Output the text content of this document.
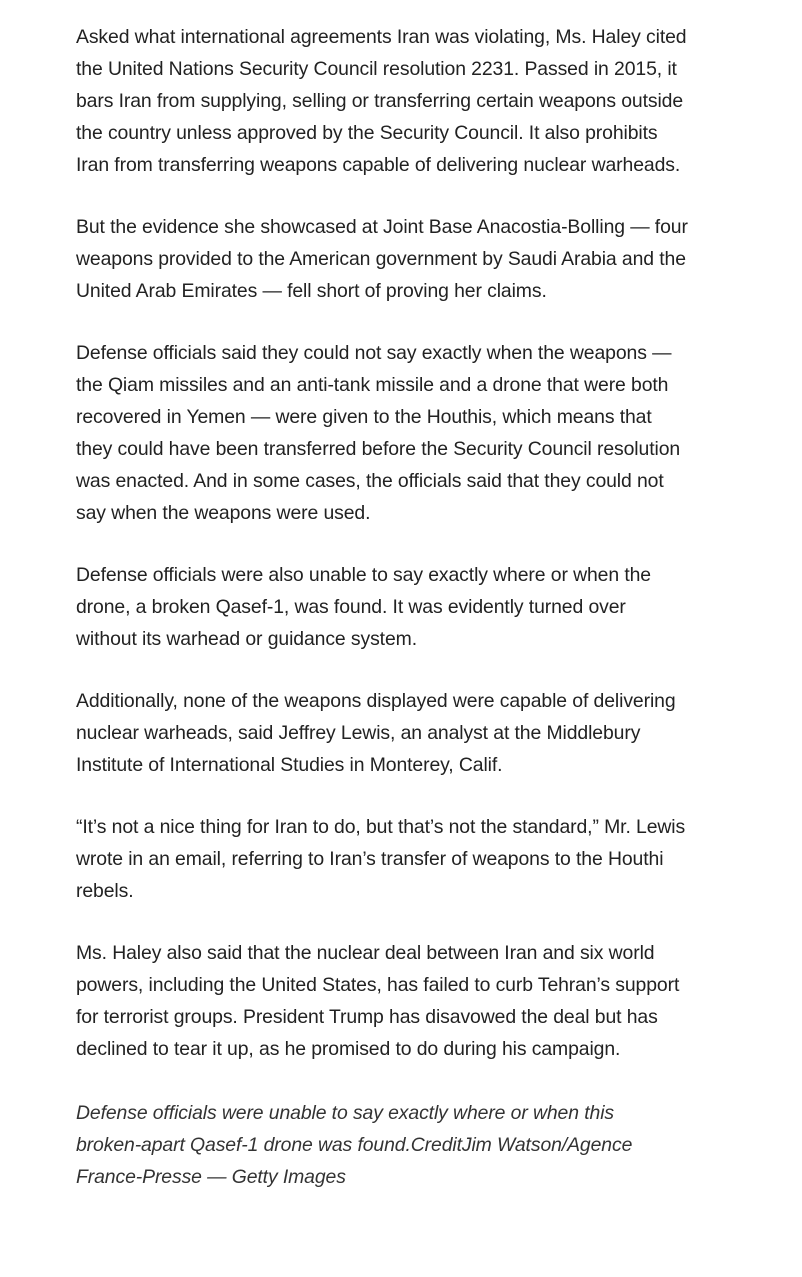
Asked what international agreements Iran was violating, Ms. Haley cited the United Nations Security Council resolution 2231. Passed in 2015, it bars Iran from supplying, selling or transferring certain weapons outside the country unless approved by the Security Council. It also prohibits Iran from transferring weapons capable of delivering nuclear warheads.

But the evidence she showcased at Joint Base Anacostia-Bolling — four weapons provided to the American government by Saudi Arabia and the United Arab Emirates — fell short of proving her claims.

Defense officials said they could not say exactly when the weapons — the Qiam missiles and an anti-tank missile and a drone that were both recovered in Yemen — were given to the Houthis, which means that they could have been transferred before the Security Council resolution was enacted. And in some cases, the officials said that they could not say when the weapons were used.

Defense officials were also unable to say exactly where or when the drone, a broken Qasef-1, was found. It was evidently turned over without its warhead or guidance system.

Additionally, none of the weapons displayed were capable of delivering nuclear warheads, said Jeffrey Lewis, an analyst at the Middlebury Institute of International Studies in Monterey, Calif.

“It’s not a nice thing for Iran to do, but that’s not the standard,” Mr. Lewis wrote in an email, referring to Iran’s transfer of weapons to the Houthi rebels.

Ms. Haley also said that the nuclear deal between Iran and six world powers, including the United States, has failed to curb Tehran’s support for terrorist groups. President Trump has disavowed the deal but has declined to tear it up, as he promised to do during his campaign.

Defense officials were unable to say exactly where or when this broken-apart Qasef-1 drone was found.CreditJim Watson/Agence France-Presse — Getty Images
